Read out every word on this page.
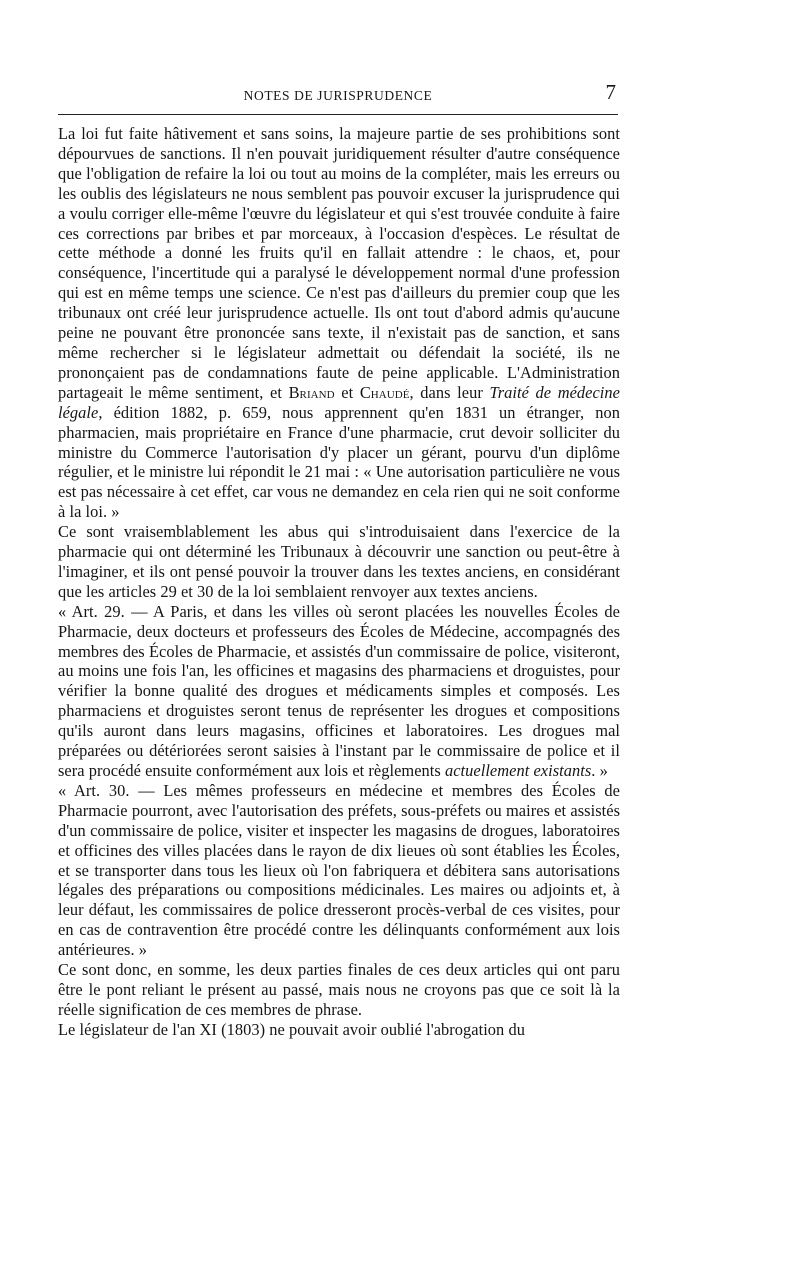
NOTES DE JURISPRUDENCE	7

La loi fut faite hâtivement et sans soins, la majeure partie de ses prohibitions sont dépourvues de sanctions. Il n'en pouvait juridiquement résulter d'autre conséquence que l'obligation de refaire la loi ou tout au moins de la compléter, mais les erreurs ou les oublis des législateurs ne nous semblent pas pouvoir excuser la jurisprudence qui a voulu corriger elle-même l'œuvre du législateur et qui s'est trouvée conduite à faire ces corrections par bribes et par morceaux, à l'occasion d'espèces. Le résultat de cette méthode a donné les fruits qu'il en fallait attendre : le chaos, et, pour conséquence, l'incertitude qui a paralysé le développement normal d'une profession qui est en même temps une science. Ce n'est pas d'ailleurs du premier coup que les tribunaux ont créé leur jurisprudence actuelle. Ils ont tout d'abord admis qu'aucune peine ne pouvant être prononcée sans texte, il n'existait pas de sanction, et sans même rechercher si le législateur admettait ou défendait la société, ils ne prononçaient pas de condamnations faute de peine applicable. L'Administration partageait le même sentiment, et Briand et Chaudé, dans leur Traité de médecine légale, édition 1882, p. 659, nous apprennent qu'en 1831 un étranger, non pharmacien, mais propriétaire en France d'une pharmacie, crut devoir solliciter du ministre du Commerce l'autorisation d'y placer un gérant, pourvu d'un diplôme régulier, et le ministre lui répondit le 21 mai : « Une autorisation particulière ne vous est pas nécessaire à cet effet, car vous ne demandez en cela rien qui ne soit conforme à la loi. »

Ce sont vraisemblablement les abus qui s'introduisaient dans l'exercice de la pharmacie qui ont déterminé les Tribunaux à découvrir une sanction ou peut-être à l'imaginer, et ils ont pensé pouvoir la trouver dans les textes anciens, en considérant que les articles 29 et 30 de la loi semblaient renvoyer aux textes anciens.

« Art. 29. — A Paris, et dans les villes où seront placées les nouvelles Écoles de Pharmacie, deux docteurs et professeurs des Écoles de Médecine, accompagnés des membres des Écoles de Pharmacie, et assistés d'un commissaire de police, visiteront, au moins une fois l'an, les officines et magasins des pharmaciens et droguistes, pour vérifier la bonne qualité des drogues et médicaments simples et composés. Les pharmaciens et droguistes seront tenus de représenter les drogues et compositions qu'ils auront dans leurs magasins, officines et laboratoires. Les drogues mal préparées ou détériorées seront saisies à l'instant par le commissaire de police et il sera procédé ensuite conformément aux lois et règlements actuellement existants. »

« Art. 30. — Les mêmes professeurs en médecine et membres des Écoles de Pharmacie pourront, avec l'autorisation des préfets, sous-préfets ou maires et assistés d'un commissaire de police, visiter et inspecter les magasins de drogues, laboratoires et officines des villes placées dans le rayon de dix lieues où sont établies les Écoles, et se transporter dans tous les lieux où l'on fabriquera et débitera sans autorisations légales des préparations ou compositions médicinales. Les maires ou adjoints et, à leur défaut, les commissaires de police dresseront procès-verbal de ces visites, pour en cas de contravention être procédé contre les délinquants conformément aux lois antérieures. »

Ce sont donc, en somme, les deux parties finales de ces deux articles qui ont paru être le pont reliant le présent au passé, mais nous ne croyons pas que ce soit là la réelle signification de ces membres de phrase.

Le législateur de l'an XI (1803) ne pouvait avoir oublié l'abrogation du
